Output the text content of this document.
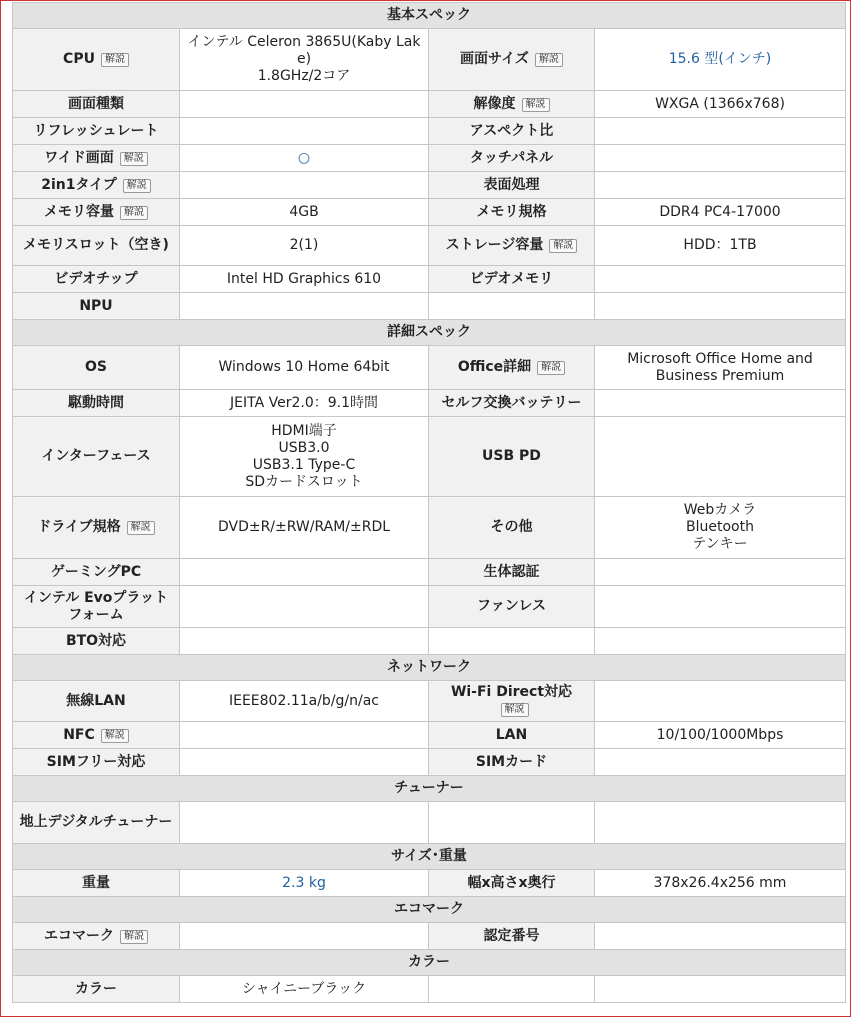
基本スペック			
CPU 解説	インテル Celeron 3865U(Kaby Lak
e)
1.8GHz/2コア	画面サイズ 解説	15.6 型(インチ)
画面種類		解像度 解説	WXGA (1366x768)
リフレッシュレート		アスペクト比	
ワイド画面 解説	○	タッチパネル	
2in1タイプ 解説		表面処理	
メモリ容量 解説	4GB	メモリ規格	DDR4 PC4-17000
メモリスロット（空き)	2(1)	ストレージ容量 解説	HDD：1TB
ビデオチップ	Intel HD Graphics 610	ビデオメモリ	
NPU			
詳細スペック			
OS	Windows 10 Home 64bit	Office詳細 解説	Microsoft Office Home and Business Premium
駆動時間	JEITA Ver2.0：9.1時間	セルフ交換バッテリー	
インターフェース	HDMI端子
USB3.0
USB3.1 Type-C
SDカードスロット	USB PD	
ドライブ規格 解説	DVD±R/±RW/RAM/±RDL	その他	Webカメラ
Bluetooth
テンキー

ゲーミングPC		生体認証	
インテル Evoプラットフォーム		ファンレス	
BTO対応			
ネットワーク			
無線LAN	IEEE802.11a/b/g/n/ac	Wi-Fi Direct対応
解説	
NFC 解説		LAN	10/100/1000Mbps
SIMフリー対応		SIMカード	
チューナー			
地上デジタルチューナー			
サイズ･重量			
重量	2.3 kg	幅x高さx奥行	378x26.4x256 mm
エコマーク			
エコマーク 解説		認定番号	
カラー			
カラー	シャイニーブラック		
